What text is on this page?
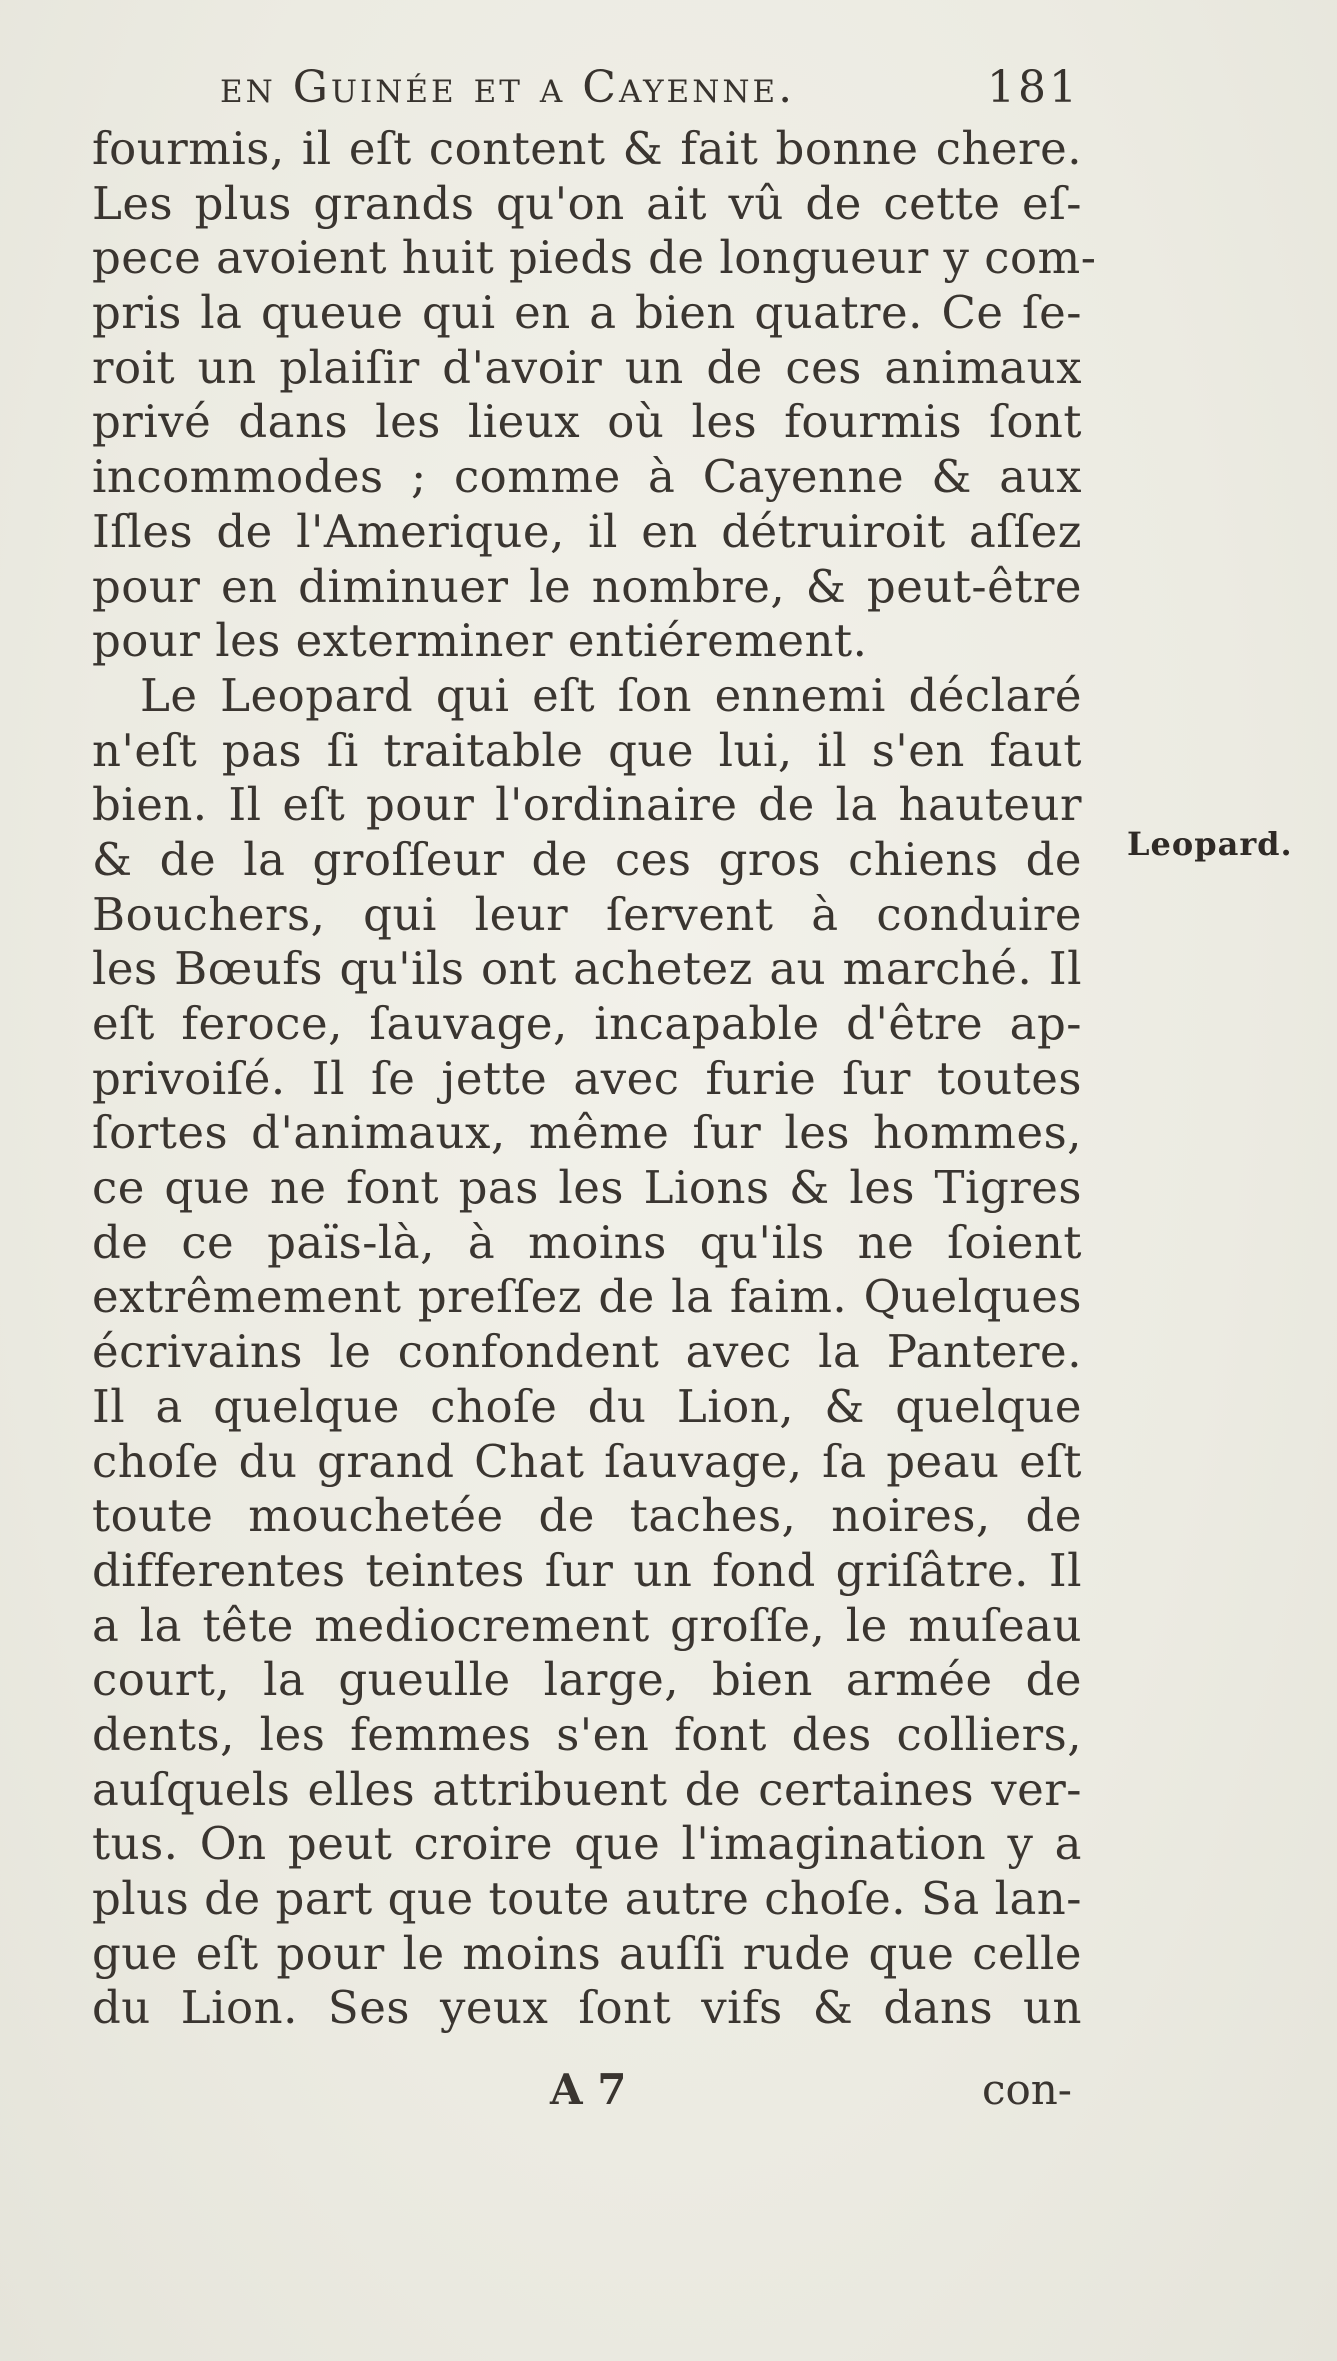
en Guinée et a Cayenne.	181
fourmis, il eſt content & fait bonne chere.
Les plus grands qu'on ait vû de cette eſ-
pece avoient huit pieds de longueur y com-
pris la queue qui en a bien quatre. Ce ſe-
roit un plaiſir d'avoir un de ces animaux
privé dans les lieux où les fourmis ſont
incommodes ; comme à Cayenne & aux
Iſles de l'Amerique, il en détruiroit aſſez
pour en diminuer le nombre, & peut-être
pour les exterminer entiérement.
Le Leopard qui eſt ſon ennemi déclaré
n'eſt pas ſi traitable que lui, il s'en faut
bien. Il eſt pour l'ordinaire de la hauteur
& de la groſſeur de ces gros chiens de
Bouchers, qui leur ſervent à conduire
les Bœufs qu'ils ont achetez au marché. Il
eſt feroce, ſauvage, incapable d'être ap-
privoiſé. Il ſe jette avec furie ſur toutes
ſortes d'animaux, même ſur les hommes,
ce que ne font pas les Lions & les Tigres
de ce païs-là, à moins qu'ils ne ſoient
extrêmement preſſez de la faim. Quelques
écrivains le confondent avec la Pantere.
Il a quelque choſe du Lion, & quelque
choſe du grand Chat ſauvage, ſa peau eſt
toute mouchetée de taches, noires, de
differentes teintes ſur un fond griſâtre. Il
a la tête mediocrement groſſe, le muſeau
court, la gueulle large, bien armée de
dents, les femmes s'en font des colliers,
auſquels elles attribuent de certaines ver-
tus. On peut croire que l'imagination y a
plus de part que toute autre choſe. Sa lan-
gue eſt pour le moins auſſi rude que celle
du Lion. Ses yeux ſont vifs & dans un
Leopard.
A 7	con-
